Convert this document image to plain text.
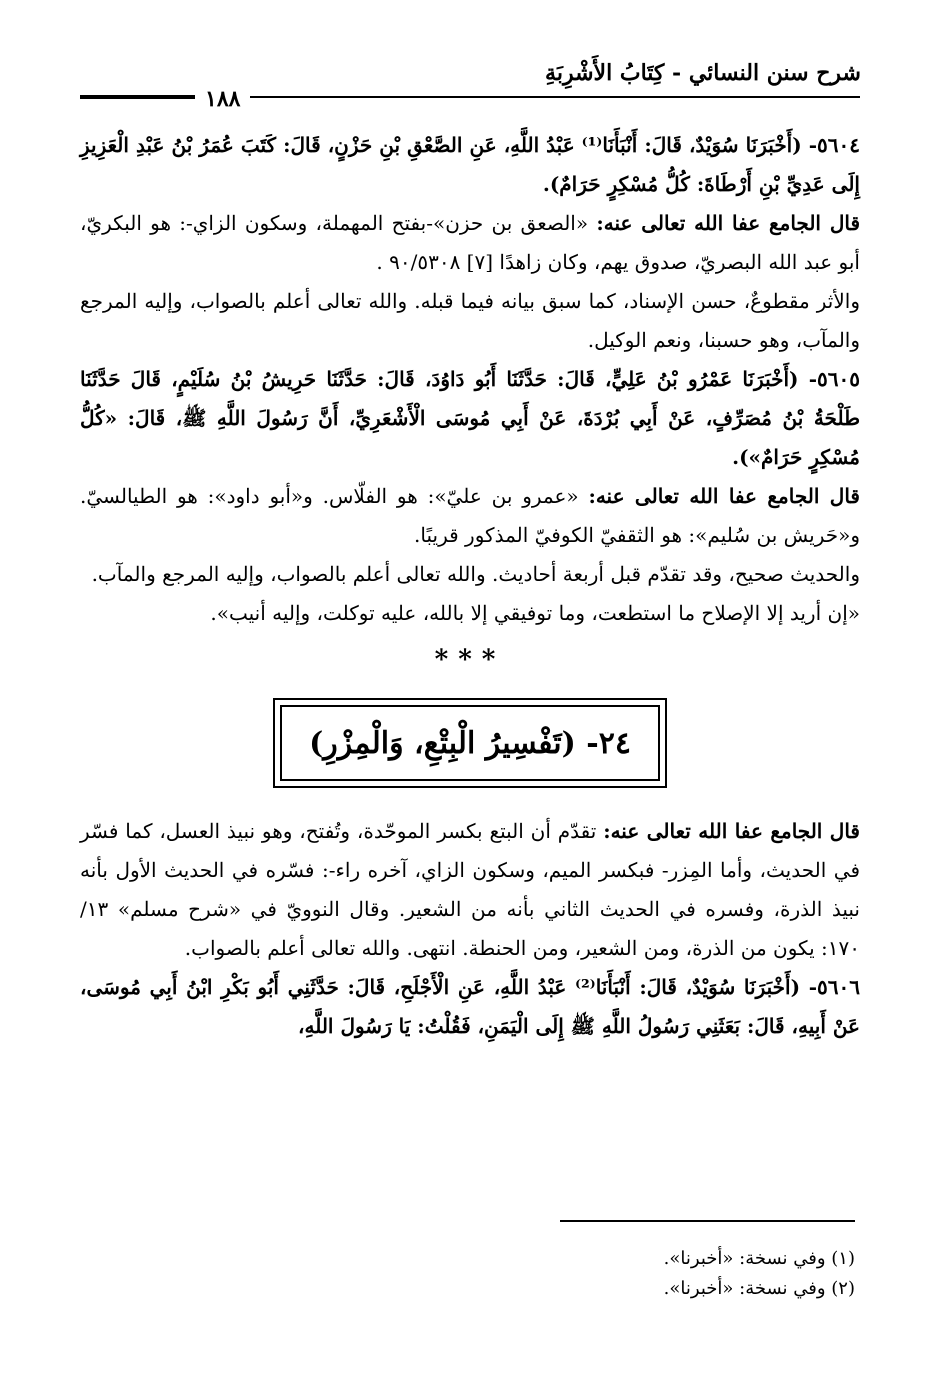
شرح سنن النسائي - كِتَابُ الأَشْرِبَةِ
١٨٨

٥٦٠٤- (أَخْبَرَنَا سُوَيْدٌ، قَالَ: أَنْبَأَنَا⁽¹⁾ عَبْدُ اللَّهِ، عَنِ الصَّعْقِ بْنِ حَزْنٍ، قَالَ: كَتَبَ عُمَرُ بْنُ عَبْدِ الْعَزِيزِ إِلَى عَدِيِّ بْنِ أَرْطَاةَ: كُلُّ مُسْكِرٍ حَرَامٌ).

قال الجامع عفا الله تعالى عنه: «الصعق بن حزن»-بفتح المهملة، وسكون الزاي-: هو البكريّ، أبو عبد الله البصريّ، صدوق يهم، وكان زاهدًا [٧] ٩٠/٥٣٠٨ .

والأثر مقطوعٌ، حسن الإسناد، كما سبق بيانه فيما قبله. والله تعالى أعلم بالصواب، وإليه المرجع والمآب، وهو حسبنا، ونعم الوكيل.

٥٦٠٥- (أَخْبَرَنَا عَمْرُو بْنُ عَلِيٍّ، قَالَ: حَدَّثَنَا أَبُو دَاوُدَ، قَالَ: حَدَّثَنَا حَرِيشُ بْنُ سُلَيْمٍ، قَالَ حَدَّثَنَا طَلْحَةُ بْنُ مُصَرِّفٍ، عَنْ أَبِي بُرْدَةَ، عَنْ أَبِي مُوسَى الْأَشْعَرِيِّ، أَنَّ رَسُولَ اللَّهِ ﷺ، قَالَ: «كُلُّ مُسْكِرٍ حَرَامٌ»).

قال الجامع عفا الله تعالى عنه: «عمرو بن عليّ»: هو الفلّاس. و«أبو داود»: هو الطيالسيّ. و«حَريش بن سُليم»: هو الثقفيّ الكوفيّ المذكور قريبًا.

والحديث صحيح، وقد تقدّم قبل أربعة أحاديث. والله تعالى أعلم بالصواب، وإليه المرجع والمآب.

«إن أريد إلا الإصلاح ما استطعت، وما توفيقي إلا بالله، عليه توكلت، وإليه أنيب».

***
٢٤- (تَفْسِيرُ الْبِتْعِ، وَالْمِزْرِ)

قال الجامع عفا الله تعالى عنه: تقدّم أن البتع بكسر الموحّدة، وتُفتح، وهو نبيذ العسل، كما فسّر في الحديث، وأما المِزر- فبكسر الميم، وسكون الزاي، آخره راء-: فسّره في الحديث الأول بأنه نبيذ الذرة، وفسره في الحديث الثاني بأنه من الشعير. وقال النوويّ في «شرح مسلم» ١٣/ ١٧٠: يكون من الذرة، ومن الشعير، ومن الحنطة. انتهى. والله تعالى أعلم بالصواب.

٥٦٠٦- (أَخْبَرَنَا سُوَيْدٌ، قَالَ: أَنْبَأَنَا⁽²⁾ عَبْدُ اللَّهِ، عَنِ الْأَجْلَحِ، قَالَ: حَدَّثَنِي أَبُو بَكْرِ ابْنُ أَبِي مُوسَى، عَنْ أَبِيهِ، قَالَ: بَعَثَنِي رَسُولُ اللَّهِ ﷺ إِلَى الْيَمَنِ، فَقُلْتُ: يَا رَسُولَ اللَّهِ،

(١) وفي نسخة: «أخبرنا».
(٢) وفي نسخة: «أخبرنا».
